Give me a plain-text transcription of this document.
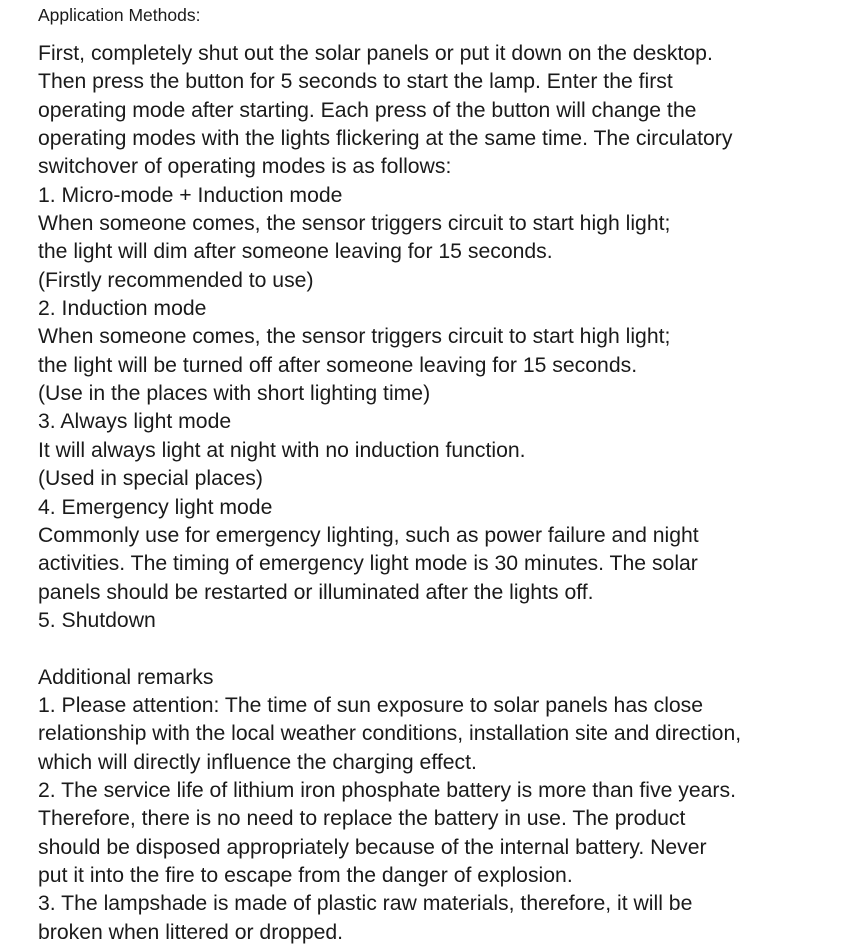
Application Methods:
First, completely shut out the solar panels or put it down on the desktop.
Then press the button for 5 seconds to start the lamp. Enter the first
operating mode after starting. Each press of the button will change the
operating modes with the lights flickering at the same time. The circulatory
switchover of operating modes is as follows:
1. Micro-mode + Induction mode
When someone comes, the sensor triggers circuit to start high light;
the light will dim after someone leaving for 15 seconds.
(Firstly recommended to use)
2. Induction mode
When someone comes, the sensor triggers circuit to start high light;
the light will be turned off after someone leaving for 15 seconds.
(Use in the places with short lighting time)
3. Always light mode
It will always light at night with no induction function.
(Used in special places)
4. Emergency light mode
Commonly use for emergency lighting, such as power failure and night
activities. The timing of emergency light mode is 30 minutes. The solar
panels should be restarted or illuminated after the lights off.
5. Shutdown
Additional remarks
1. Please attention: The time of sun exposure to solar panels has close
relationship with the local weather conditions, installation site and direction,
which will directly influence the charging effect.
2. The service life of lithium iron phosphate battery is more than five years.
Therefore, there is no need to replace the battery in use. The product
should be disposed appropriately because of the internal battery. Never
put it into the fire to escape from the danger of explosion.
3. The lampshade is made of plastic raw materials, therefore, it will be
broken when littered or dropped.
